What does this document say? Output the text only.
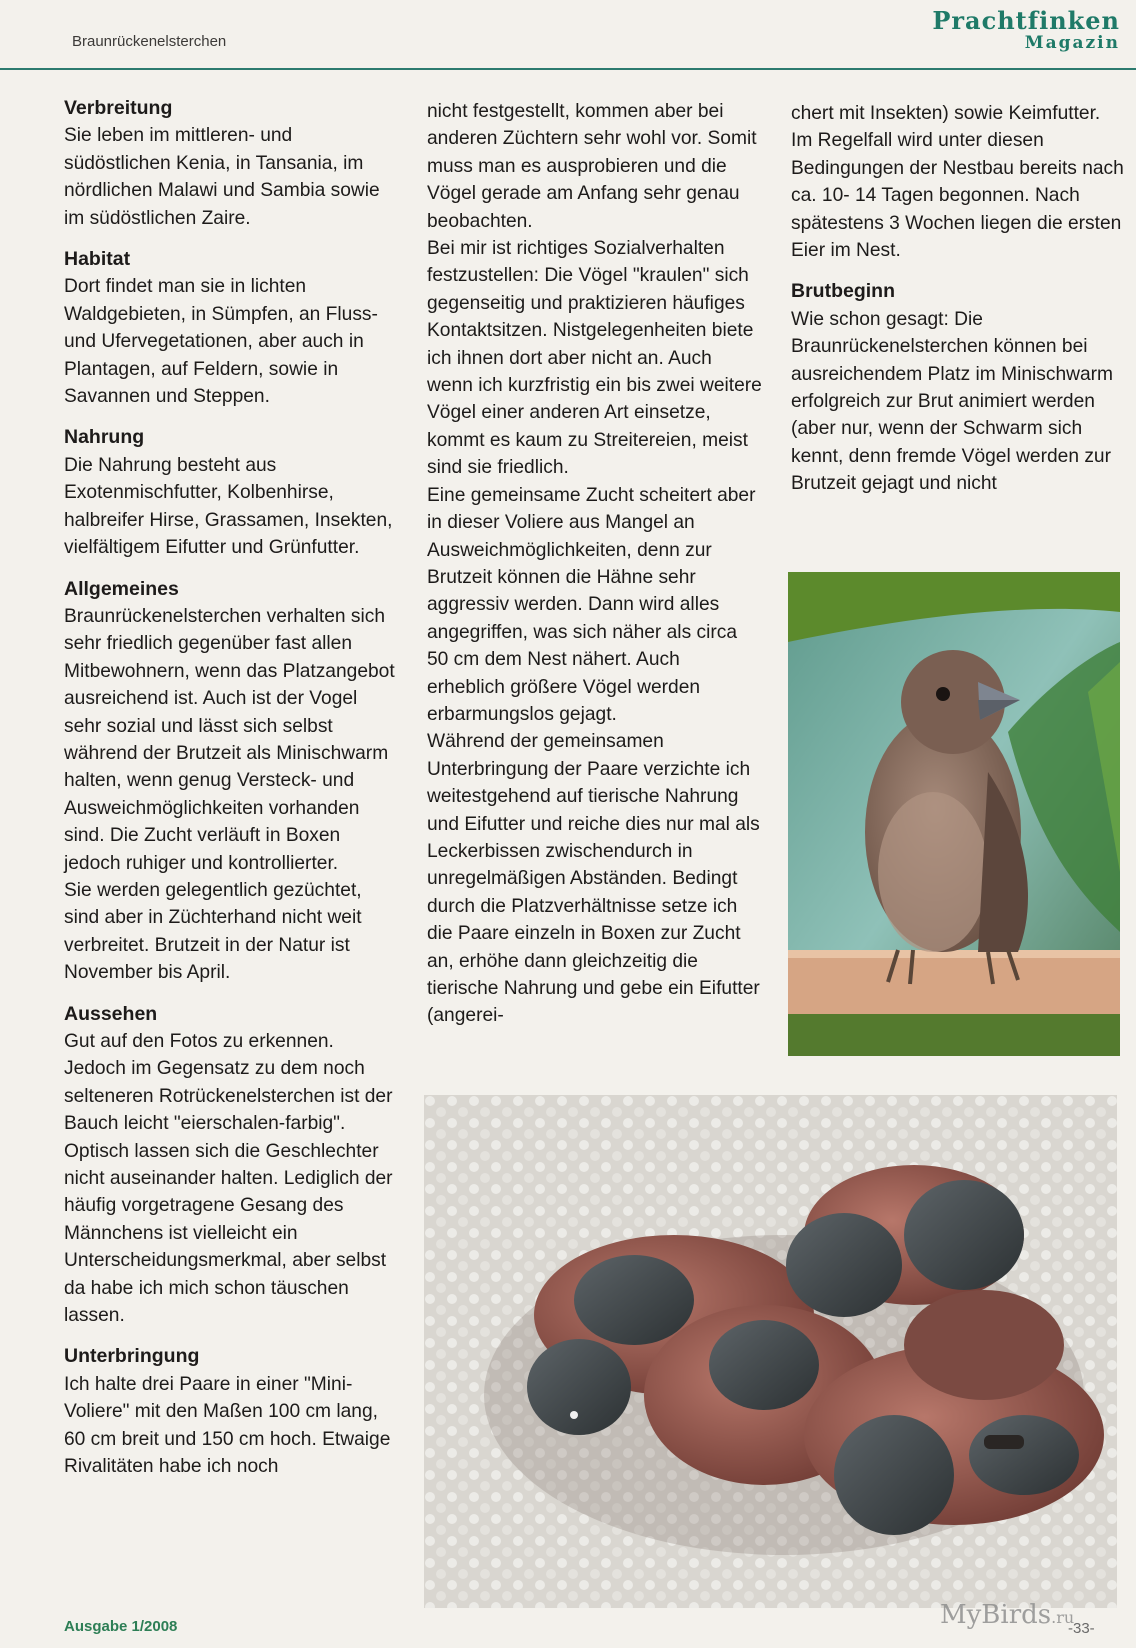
Braunrückenelsterchen
Prachtfinken
Magazin
Verbreitung

Sie leben im mittleren- und südöstlichen Kenia, in Tansania, im nördlichen Malawi und Sambia sowie im südöstlichen Zaire.

Habitat

Dort findet man sie in lichten Waldgebieten, in Sümpfen, an Fluss- und Ufervegetationen, aber auch in Plantagen, auf Feldern, sowie in Savannen und Steppen.

Nahrung

Die Nahrung besteht aus Exotenmischfutter, Kolbenhirse, halbreifer Hirse, Grassamen, Insekten, vielfältigem Eifutter und Grünfutter.

Allgemeines

Braunrückenelsterchen verhalten sich sehr friedlich gegenüber fast allen Mitbewohnern, wenn das Platzangebot ausreichend ist. Auch ist der Vogel sehr sozial und lässt sich selbst während der Brutzeit als Minischwarm halten, wenn genug Versteck- und Ausweichmöglichkeiten vorhanden sind. Die Zucht verläuft in Boxen jedoch ruhiger und kontrollierter.

Sie werden gelegentlich gezüchtet, sind aber in Züchterhand nicht weit verbreitet. Brutzeit in der Natur ist November bis April.

Aussehen

Gut auf den Fotos zu erkennen. Jedoch im Gegensatz zu dem noch selteneren Rotrückenelsterchen ist der Bauch leicht "eierschalen-farbig".

Optisch lassen sich die Geschlechter nicht auseinander halten. Lediglich der häufig vorgetragene Gesang des Männchens ist vielleicht ein Unterscheidungsmerkmal, aber selbst da habe ich mich schon täuschen lassen.

Unterbringung

Ich halte drei Paare in einer "Mini-Voliere" mit den Maßen 100 cm lang, 60 cm breit und 150 cm hoch. Etwaige Rivalitäten habe ich noch

nicht festgestellt, kommen aber bei anderen Züchtern sehr wohl vor. Somit muss man es ausprobieren und die Vögel gerade am Anfang sehr genau beobachten.

Bei mir ist richtiges Sozialverhalten festzustellen: Die Vögel "kraulen" sich gegenseitig und praktizieren häufiges Kontaktsitzen. Nistgelegenheiten biete ich ihnen dort aber nicht an. Auch wenn ich kurzfristig ein bis zwei weitere Vögel einer anderen Art einsetze, kommt es kaum zu Streitereien, meist sind sie friedlich.

Eine gemeinsame Zucht scheitert aber in dieser Voliere aus Mangel an Ausweichmöglichkeiten, denn zur Brutzeit können die Hähne sehr aggressiv werden. Dann wird alles angegriffen, was sich näher als circa 50 cm dem Nest nähert. Auch erheblich größere Vögel werden erbarmungslos gejagt.

Während der gemeinsamen Unterbringung der Paare verzichte ich weitestgehend auf tierische Nahrung und Eifutter und reiche dies nur mal als Leckerbissen zwischendurch in unregelmäßigen Abständen. Bedingt durch die Platzverhältnisse setze ich die Paare einzeln in Boxen zur Zucht an, erhöhe dann gleichzeitig die tierische Nahrung und gebe ein Eifutter (angerei-

chert mit Insekten) sowie Keimfutter.

Im Regelfall wird unter diesen Bedingungen der Nestbau bereits nach ca. 10- 14 Tagen begonnen. Nach spätestens 3 Wochen liegen die ersten Eier im Nest.

Brutbeginn

Wie schon gesagt: Die Braunrückenelsterchen können bei ausreichendem Platz im Minischwarm erfolgreich zur Brut animiert werden (aber nur, wenn der Schwarm sich kennt, denn fremde Vögel werden zur Brutzeit gejagt und nicht

Ausgabe 1/2008	MyBirds.ru
-33-
